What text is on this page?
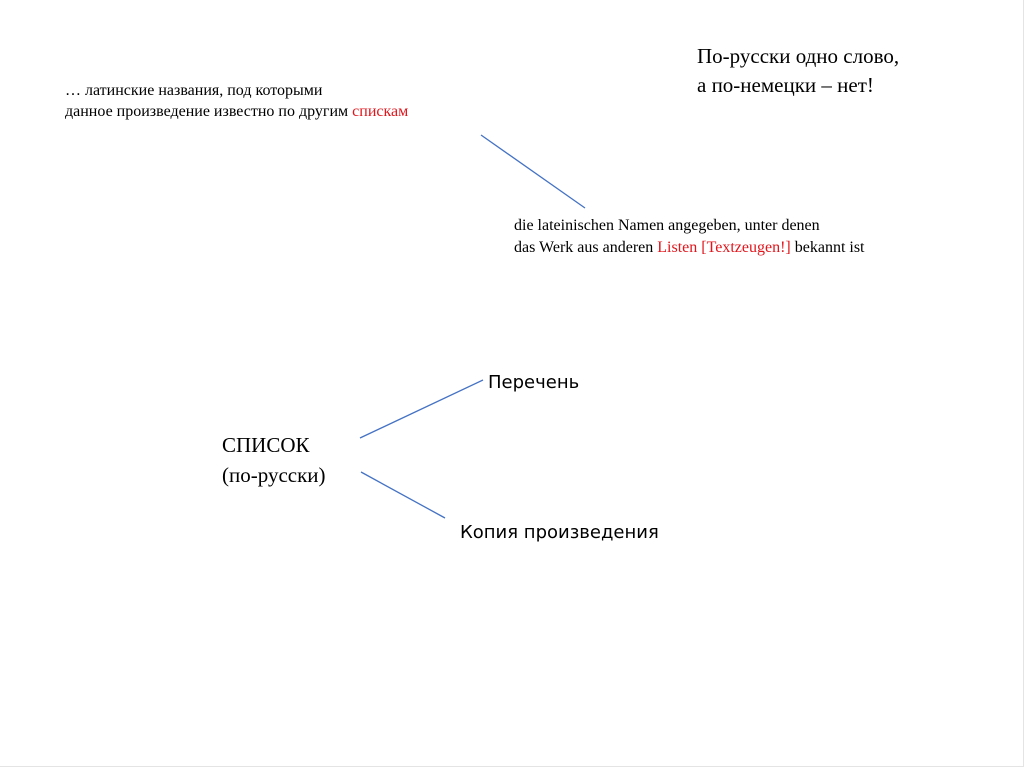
По-русски одно слово,
а по-немецки – нет!
… латинские названия, под которыми
данное произведение известно по другим спискам
die lateinischen Namen angegeben, unter denen
das Werk aus anderen Listen [Textzeugen!] bekannt ist
СПИСОК
(по-русски)
Перечень
Копия произведения
